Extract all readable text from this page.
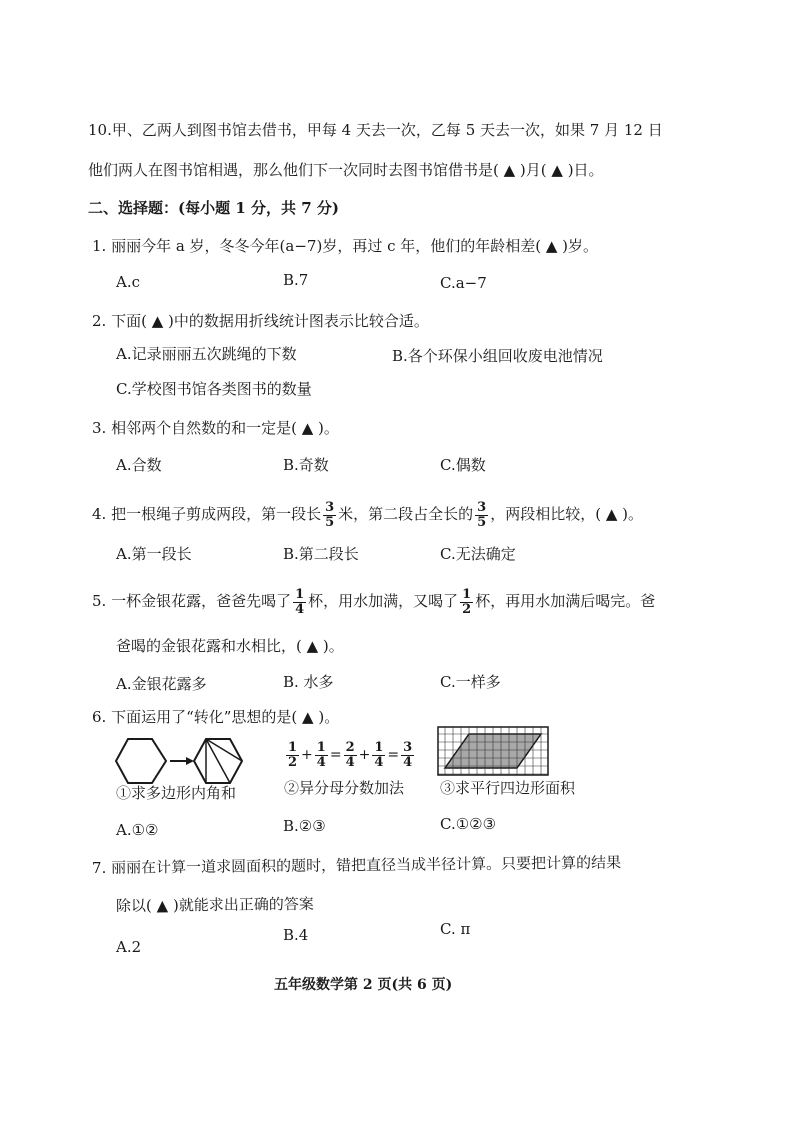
10.甲、乙两人到图书馆去借书，甲每 4 天去一次，乙每 5 天去一次，如果 7 月 12 日
他们两人在图书馆相遇，那么他们下一次同时去图书馆借书是( ▲ )月( ▲ )日。
二、选择题：(每小题 1 分，共 7 分)
1. 丽丽今年 a 岁，冬冬今年(a−7)岁，再过 c 年，他们的年龄相差( ▲ )岁。
A.c	B.7	C.a−7
2. 下面( ▲ )中的数据用折线统计图表示比较合适。
A.记录丽丽五次跳绳的下数	B.各个环保小组回收废电池情况
C.学校图书馆各类图书的数量
3. 相邻两个自然数的和一定是( ▲ )。
A.合数	B.奇数	C.偶数
4. 把一根绳子剪成两段，第一段长 $\frac{3}{5}$ 米，第二段占全长的 $\frac{3}{5}$ ，两段相比较，( ▲ )。
A.第一段长	B.第二段长	C.无法确定
5. 一杯金银花露，爸爸先喝了 $\frac{1}{4}$ 杯，用水加满，又喝了 $\frac{1}{2}$ 杯，再用水加满后喝完。爸
爸喝的金银花露和水相比，( ▲ )。
A.金银花露多	B. 水多	C.一样多
6. 下面运用了“转化”思想的是( ▲ )。
$\frac{1}{2} + \frac{1}{4} = \frac{2}{4} + \frac{1}{4} = \frac{3}{4}$
①求多边形内角和	②异分母分数加法 ③求平行四边形面积
A.①②	B.②③	C.①②③
7. 丽丽在计算一道求圆面积的题时，错把直径当成半径计算。只要把计算的结果
除以( ▲ )就能求出正确的答案
A.2
B.4	C. π
五年级数学第 2 页(共 6 页)
